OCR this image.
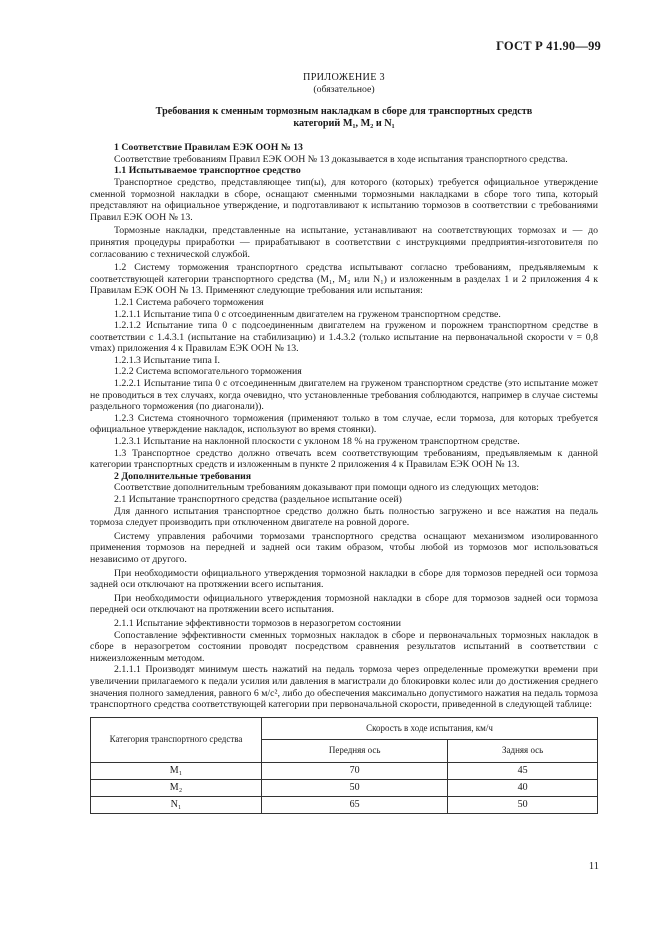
ГОСТ Р 41.90—99
ПРИЛОЖЕНИЕ 3
(обязательное)
Требования к сменным тормозным накладкам в сборе для транспортных средств
категорий M₁, M₂ и N₁

1 Соответствие Правилам ЕЭК ООН № 13

Соответствие требованиям Правил ЕЭК ООН № 13 доказывается в ходе испытания транспортного средства.

1.1 Испытываемое транспортное средство

Транспортное средство, представляющее тип(ы), для которого (которых) требуется официальное утверждение сменной тормозной накладки в сборе, оснащают сменными тормозными накладками в сборе того типа, который представляют на официальное утверждение, и подготавливают к испытанию тормозов в соответствии с требованиями Правил ЕЭК ООН № 13.

Тормозные накладки, представленные на испытание, устанавливают на соответствующих тормозах и — до принятия процедуры приработки — прирабатывают в соответствии с инструкциями предприятия-изготовителя по согласованию с технической службой.

1.2 Систему торможения транспортного средства испытывают согласно требованиям, предъявляемым к соответствующей категории транспортного средства (M₁, M₂ или N₁) и изложенным в разделах 1 и 2 приложения 4 к Правилам ЕЭК ООН № 13. Применяют следующие требования или испытания:

1.2.1 Система рабочего торможения

1.2.1.1 Испытание типа 0 с отсоединенным двигателем на груженом транспортном средстве.

1.2.1.2 Испытание типа 0 с подсоединенным двигателем на груженом и порожнем транспортном средстве в соответствии с 1.4.3.1 (испытание на стабилизацию) и 1.4.3.2 (только испытание на первоначальной скорости v = 0,8 vmax) приложения 4 к Правилам ЕЭК ООН № 13.

1.2.1.3 Испытание типа I.

1.2.2 Система вспомогательного торможения

1.2.2.1 Испытание типа 0 с отсоединенным двигателем на груженом транспортном средстве (это испытание может не проводиться в тех случаях, когда очевидно, что установленные требования соблюдаются, например в случае системы раздельного торможения (по диагонали)).

1.2.3 Система стояночного торможения (применяют только в том случае, если тормоза, для которых требуется официальное утверждение накладок, используют во время стоянки).

1.2.3.1 Испытание на наклонной плоскости с уклоном 18 % на груженом транспортном средстве.

1.3 Транспортное средство должно отвечать всем соответствующим требованиям, предъявляемым к данной категории транспортных средств и изложенным в пункте 2 приложения 4 к Правилам ЕЭК ООН № 13.

2 Дополнительные требования

Соответствие дополнительным требованиям доказывают при помощи одного из следующих методов:

2.1 Испытание транспортного средства (раздельное испытание осей)

Для данного испытания транспортное средство должно быть полностью загружено и все нажатия на педаль тормоза следует производить при отключенном двигателе на ровной дороге.

Систему управления рабочими тормозами транспортного средства оснащают механизмом изолированного применения тормозов на передней и задней оси таким образом, чтобы любой из тормозов мог использоваться независимо от другого.

При необходимости официального утверждения тормозной накладки в сборе для тормозов передней оси тормоза задней оси отключают на протяжении всего испытания.

При необходимости официального утверждения тормозной накладки в сборе для тормозов задней оси тормоза передней оси отключают на протяжении всего испытания.

2.1.1 Испытание эффективности тормозов в неразогретом состоянии

Сопоставление эффективности сменных тормозных накладок в сборе и первоначальных тормозных накладок в сборе в неразогретом состоянии проводят посредством сравнения результатов испытаний в соответствии с нижеизложенным методом.

2.1.1.1 Производят минимум шесть нажатий на педаль тормоза через определенные промежутки времени при увеличении прилагаемого к педали усилия или давления в магистрали до блокировки колес или до достижения среднего значения полного замедления, равного 6 м/с², либо до обеспечения максимально допустимого нажатия на педаль тормоза транспортного средства соответствующей категории при первоначальной скорости, приведенной в следующей таблице:

Категория транспортного средства	Скорость в ходе испытания, км/ч	
	Передняя ось	Задняя ось
M₁	70	45
M₂	50	40
N₁	65	50
11
